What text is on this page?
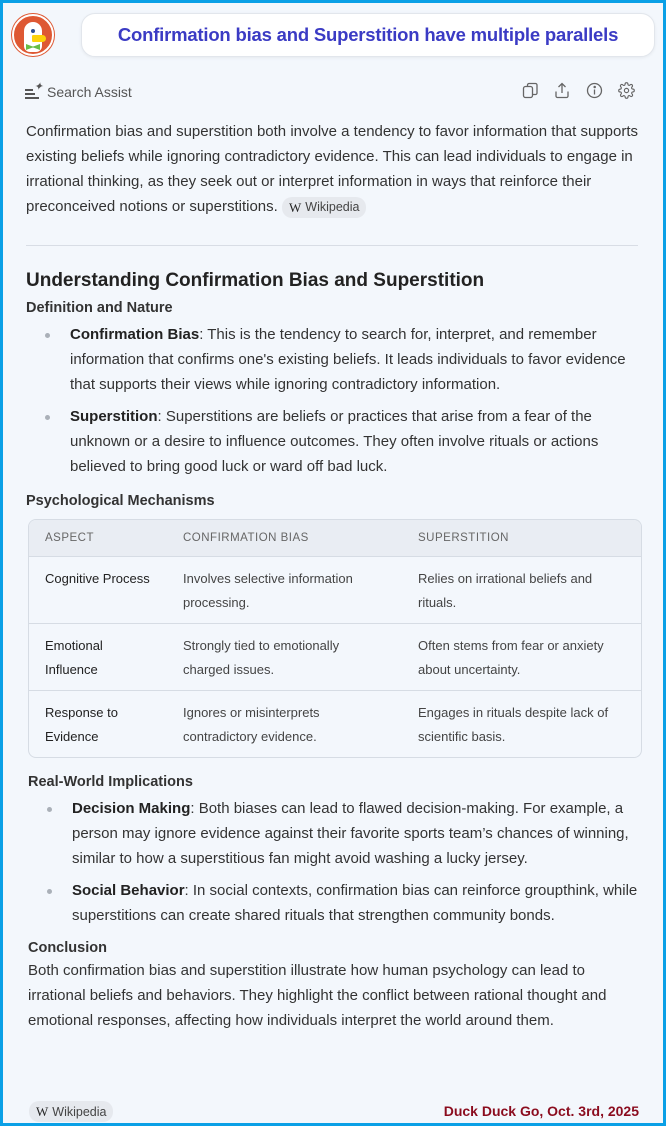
Confirmation bias and Superstition have multiple parallels
✦ Search Assist

Confirmation bias and superstition both involve a tendency to favor information that supports existing beliefs while ignoring contradictory evidence. This can lead individuals to engage in irrational thinking, as they seek out or interpret information in ways that reinforce their preconceived notions or superstitions. W Wikipedia

Understanding Confirmation Bias and Superstition
Definition and Nature
Confirmation Bias: This is the tendency to search for, interpret, and remember information that confirms one's existing beliefs. It leads individuals to favor evidence that supports their views while ignoring contradictory information.
Superstition: Superstitions are beliefs or practices that arise from a fear of the unknown or a desire to influence outcomes. They often involve rituals or actions believed to bring good luck or ward off bad luck.
Psychological Mechanisms
ASPECT	CONFIRMATION BIAS	SUPERSTITION
Cognitive Process	Involves selective information processing.	Relies on irrational beliefs and rituals.
Emotional Influence	Strongly tied to emotionally charged issues.	Often stems from fear or anxiety about uncertainty.
Response to Evidence	Ignores or misinterprets contradictory evidence.	Engages in rituals despite lack of scientific basis.
Real-World Implications
Decision Making: Both biases can lead to flawed decision-making. For example, a person may ignore evidence against their favorite sports team’s chances of winning, similar to how a superstitious fan might avoid washing a lucky jersey.
Social Behavior: In social contexts, confirmation bias can reinforce groupthink, while superstitions can create shared rituals that strengthen community bonds.
Conclusion

Both confirmation bias and superstition illustrate how human psychology can lead to irrational beliefs and behaviors. They highlight the conflict between rational thought and emotional responses, affecting how individuals interpret the world around them.

W Wikipedia	Duck Duck Go, Oct. 3rd, 2025
